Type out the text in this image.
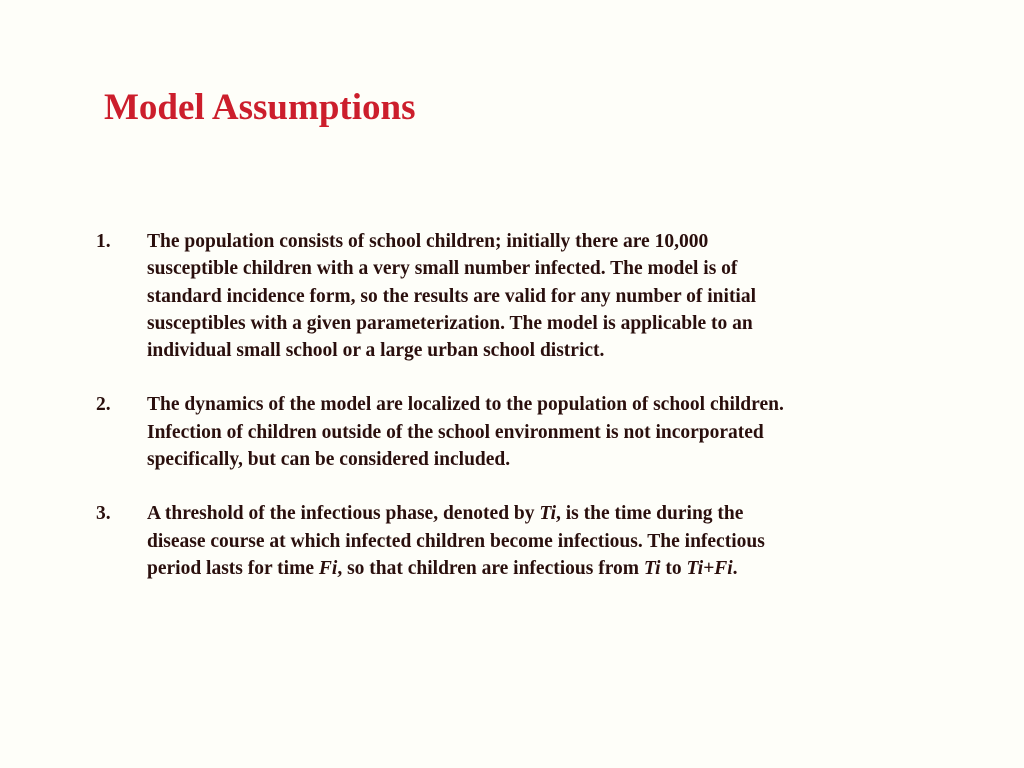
Model Assumptions
1.	The population consists of school children; initially there are 10,000
susceptible children with a very small number infected. The model is of
standard incidence form, so the results are valid for any number of initial
susceptibles with a given parameterization. The model is applicable to an
individual small school or a large urban school district.
2.	The dynamics of the model are localized to the population of school children.
Infection of children outside of the school environment is not incorporated
specifically, but can be considered included.
3.	A threshold of the infectious phase, denoted by Ti, is the time during the
disease course at which infected children become infectious. The infectious
period lasts for time Fi, so that children are infectious from Ti to Ti+Fi.
